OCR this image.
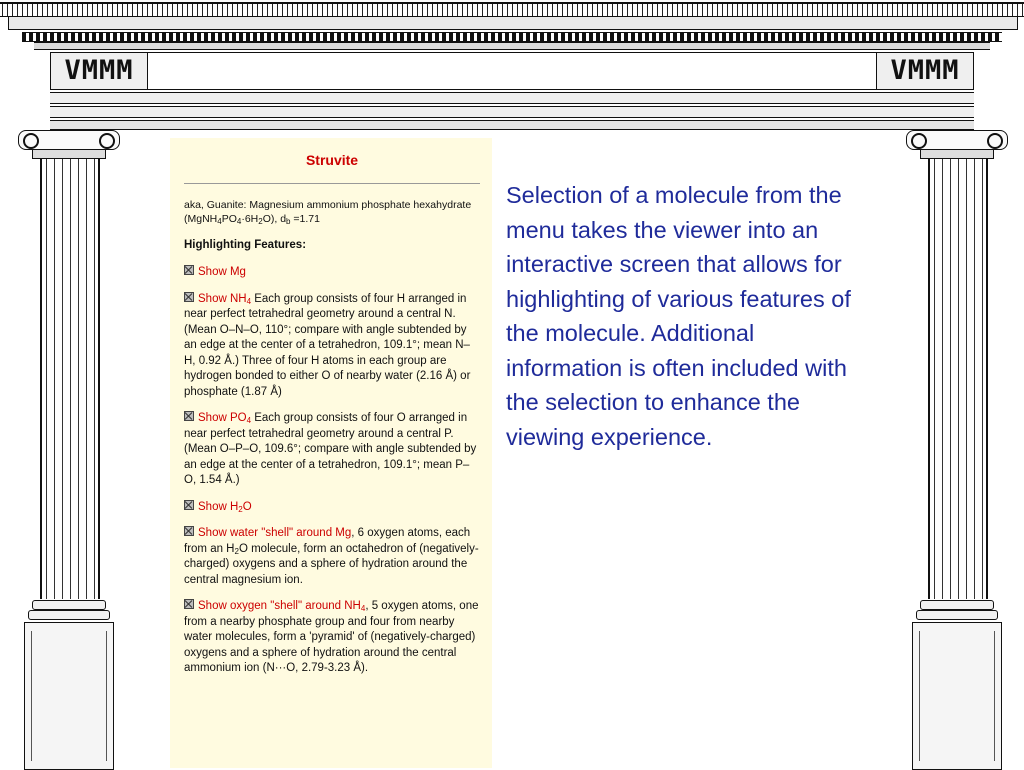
VMMM	VMMM
Struvite

aka, Guanite: Magnesium ammonium phosphate hexahydrate $(MgNH_4PO_4\cdot 6H_2O)$, $d_b =1.71$

Highlighting Features:

Show Mg

Show $NH_4$ Each group consists of four H arranged in near perfect tetrahedral geometry around a central N. (Mean O–N–O, 110°; compare with angle subtended by an edge at the center of a tetrahedron, 109.1°; mean N–H, 0.92 Å.) Three of four H atoms in each group are hydrogen bonded to either O of nearby water (2.16 Å) or phosphate (1.87 Å)

Show $PO_4$ Each group consists of four O arranged in near perfect tetrahedral geometry around a central P. (Mean O–P–O, 109.6°; compare with angle subtended by an edge at the center of a tetrahedron, 109.1°; mean P–O, 1.54 Å.)

Show $H_2O$

Show water "shell" around Mg, 6 oxygen atoms, each from an $H_2O$ molecule, form an octahedron of (negatively-charged) oxygens and a sphere of hydration around the central magnesium ion.

Show oxygen "shell" around $NH_4$, 5 oxygen atoms, one from a nearby phosphate group and four from nearby water molecules, form a 'pyramid' of (negatively-charged) oxygens and a sphere of hydration around the central ammonium ion (N···O, 2.79-3.23 Å).

Selection of a molecule from the menu takes the viewer into an interactive screen that allows for highlighting of various features of the molecule. Additional information is often included with the selection to enhance the viewing experience.
